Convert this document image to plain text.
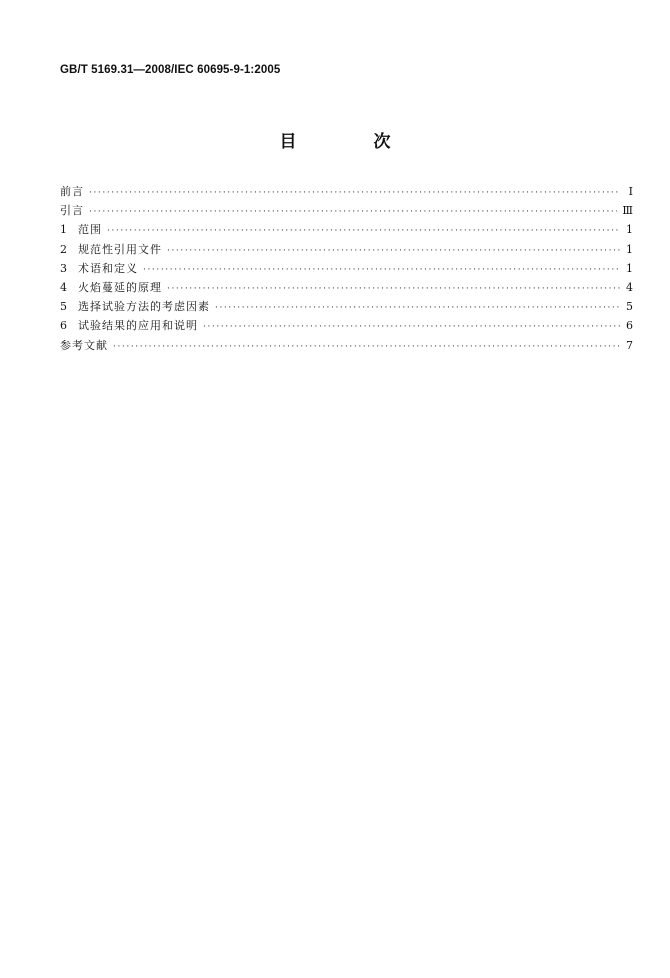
GB/T 5169.31—2008/IEC 60695-9-1:2005
目　次
前言 ·····	Ⅰ
引言 ·····	Ⅲ
1	范围 ·····	1
2	规范性引用文件 ·····	1
3	术语和定义 ·····	1
4	火焰蔓延的原理 ·····	4
5	选择试验方法的考虑因素 ·····	5
6	试验结果的应用和说明 ·····	6
参考文献 ·····	7
